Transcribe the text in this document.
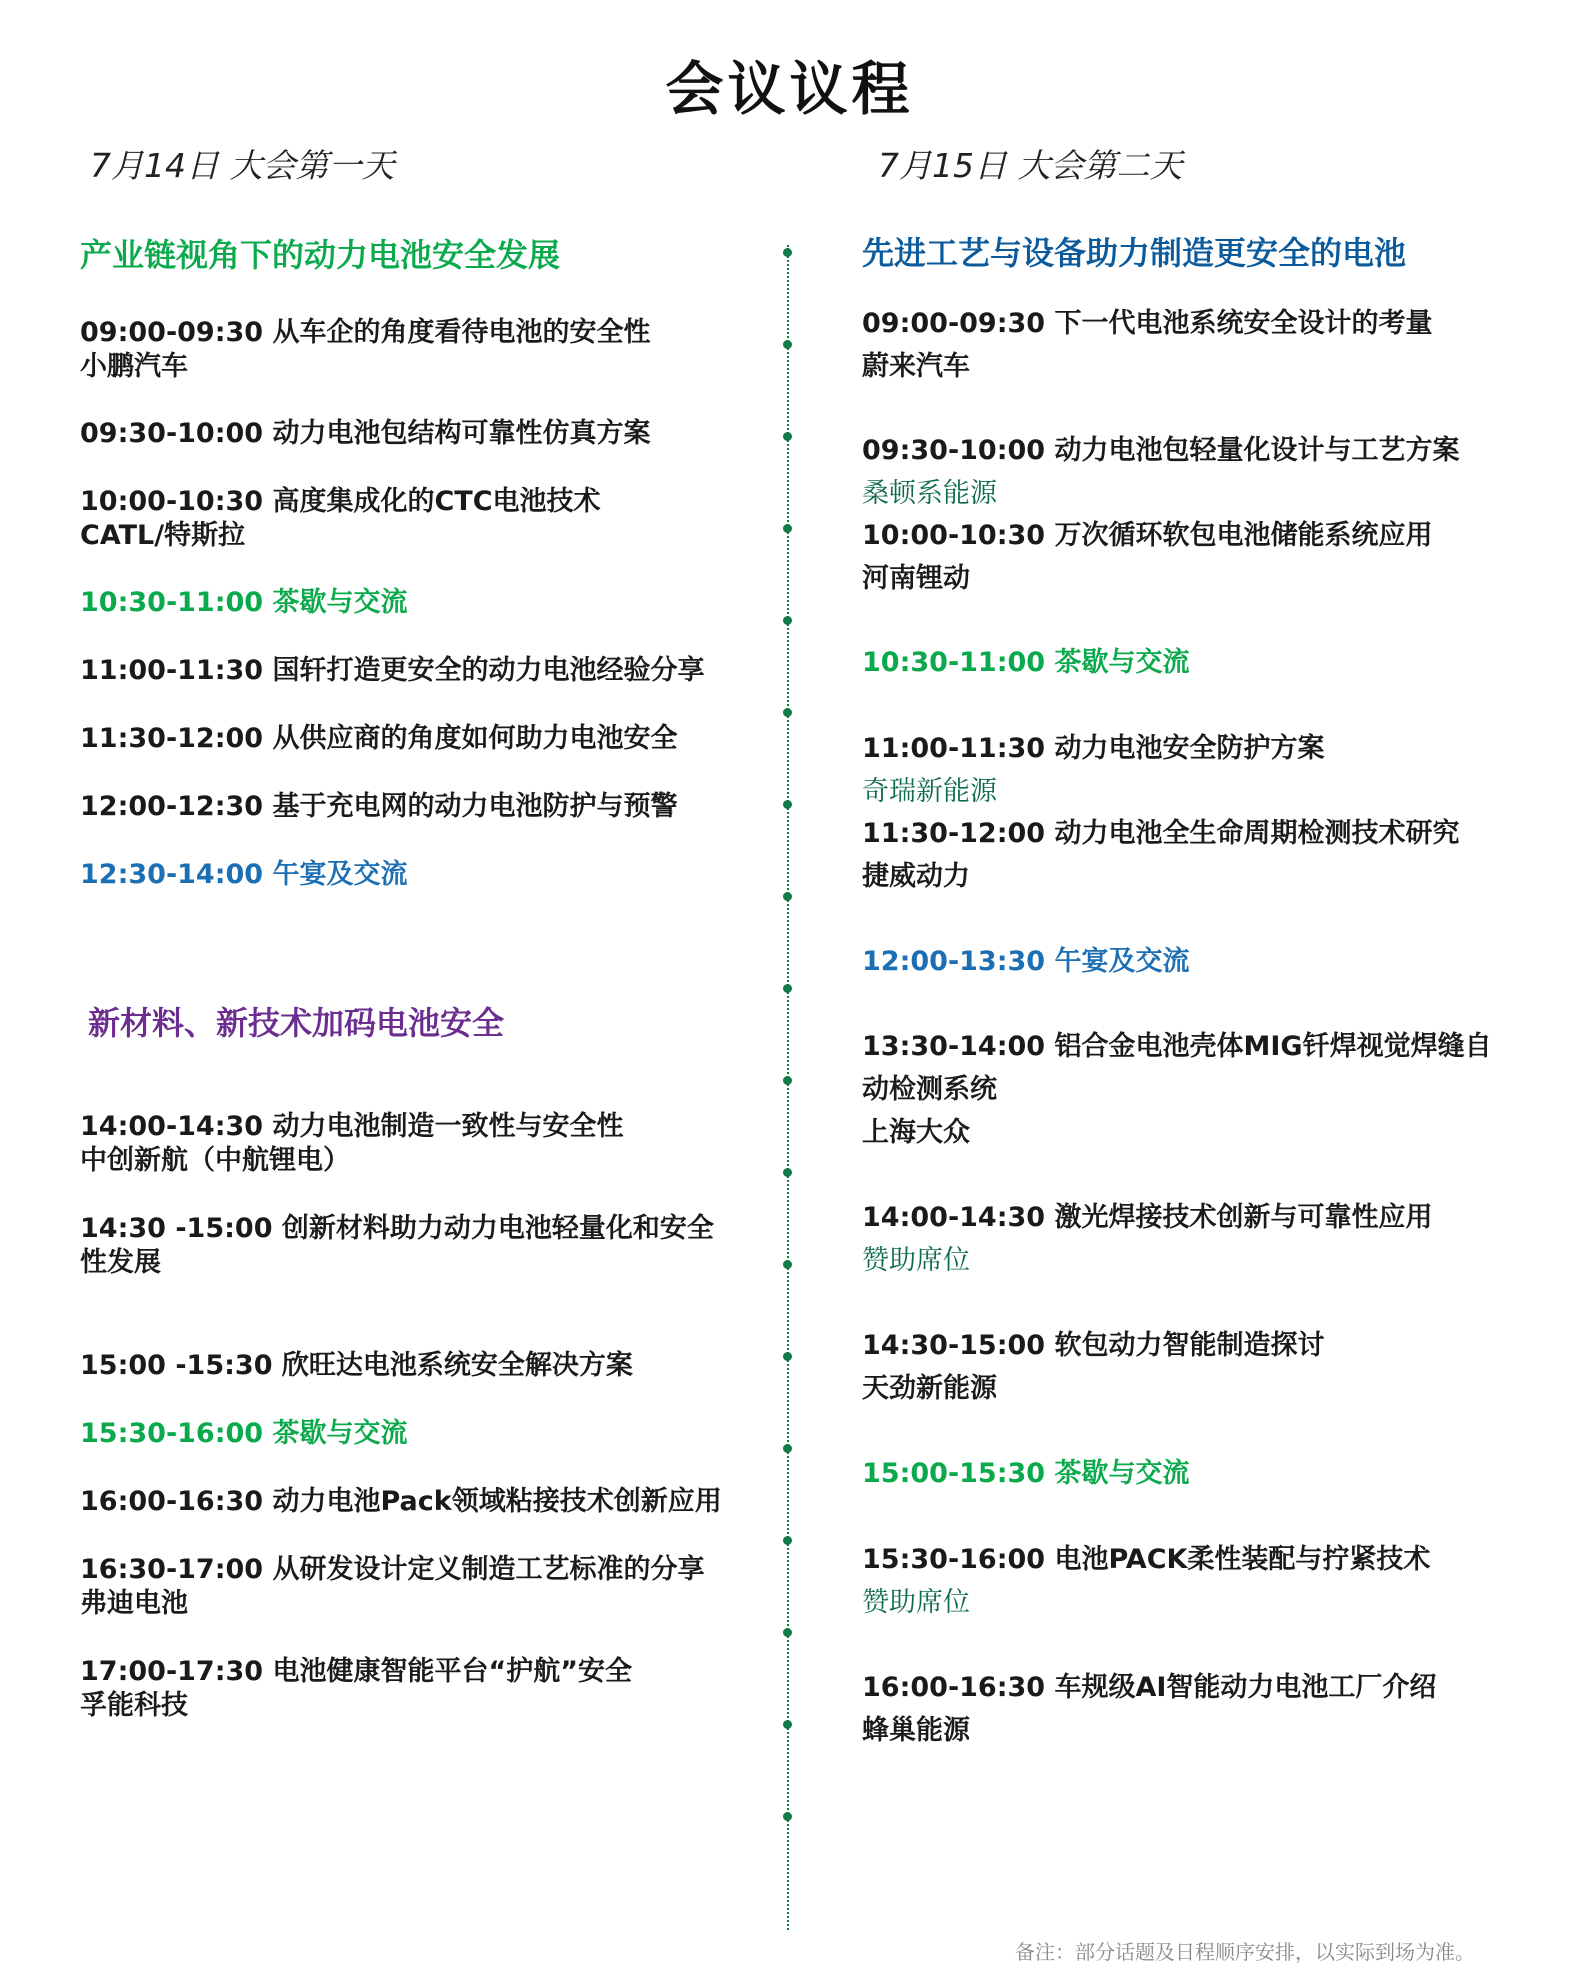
会议议程
7月14日 大会第一天	7月15日 大会第二天
产业链视角下的动力电池安全发展
09:00-09:30 从车企的角度看待电池的安全性
小鹏汽车
09:30-10:00 动力电池包结构可靠性仿真方案
10:00-10:30 高度集成化的CTC电池技术
CATL/特斯拉
10:30-11:00 茶歇与交流
11:00-11:30 国轩打造更安全的动力电池经验分享
11:30-12:00 从供应商的角度如何助力电池安全
12:00-12:30 基于充电网的动力电池防护与预警
12:30-14:00 午宴及交流
新材料、新技术加码电池安全
14:00-14:30 动力电池制造一致性与安全性
中创新航（中航锂电）
14:30 -15:00 创新材料助力动力电池轻量化和安全
性发展
15:00 -15:30 欣旺达电池系统安全解决方案
15:30-16:00 茶歇与交流
16:00-16:30 动力电池Pack领域粘接技术创新应用
16:30-17:00 从研发设计定义制造工艺标准的分享
弗迪电池
17:00-17:30 电池健康智能平台“护航”安全
孚能科技
先进工艺与设备助力制造更安全的电池
09:00-09:30 下一代电池系统安全设计的考量
蔚来汽车
09:30-10:00 动力电池包轻量化设计与工艺方案
桑顿系能源
10:00-10:30 万次循环软包电池储能系统应用
河南锂动
10:30-11:00 茶歇与交流
11:00-11:30 动力电池安全防护方案
奇瑞新能源
11:30-12:00 动力电池全生命周期检测技术研究
捷威动力
12:00-13:30 午宴及交流
13:30-14:00 铝合金电池壳体MIG钎焊视觉焊缝自
动检测系统
上海大众
14:00-14:30 激光焊接技术创新与可靠性应用
赞助席位
14:30-15:00 软包动力智能制造探讨
天劲新能源
15:00-15:30 茶歇与交流
15:30-16:00 电池PACK柔性装配与拧紧技术
赞助席位
16:00-16:30 车规级AI智能动力电池工厂介绍
蜂巢能源
备注：部分话题及日程顺序安排，以实际到场为准。
